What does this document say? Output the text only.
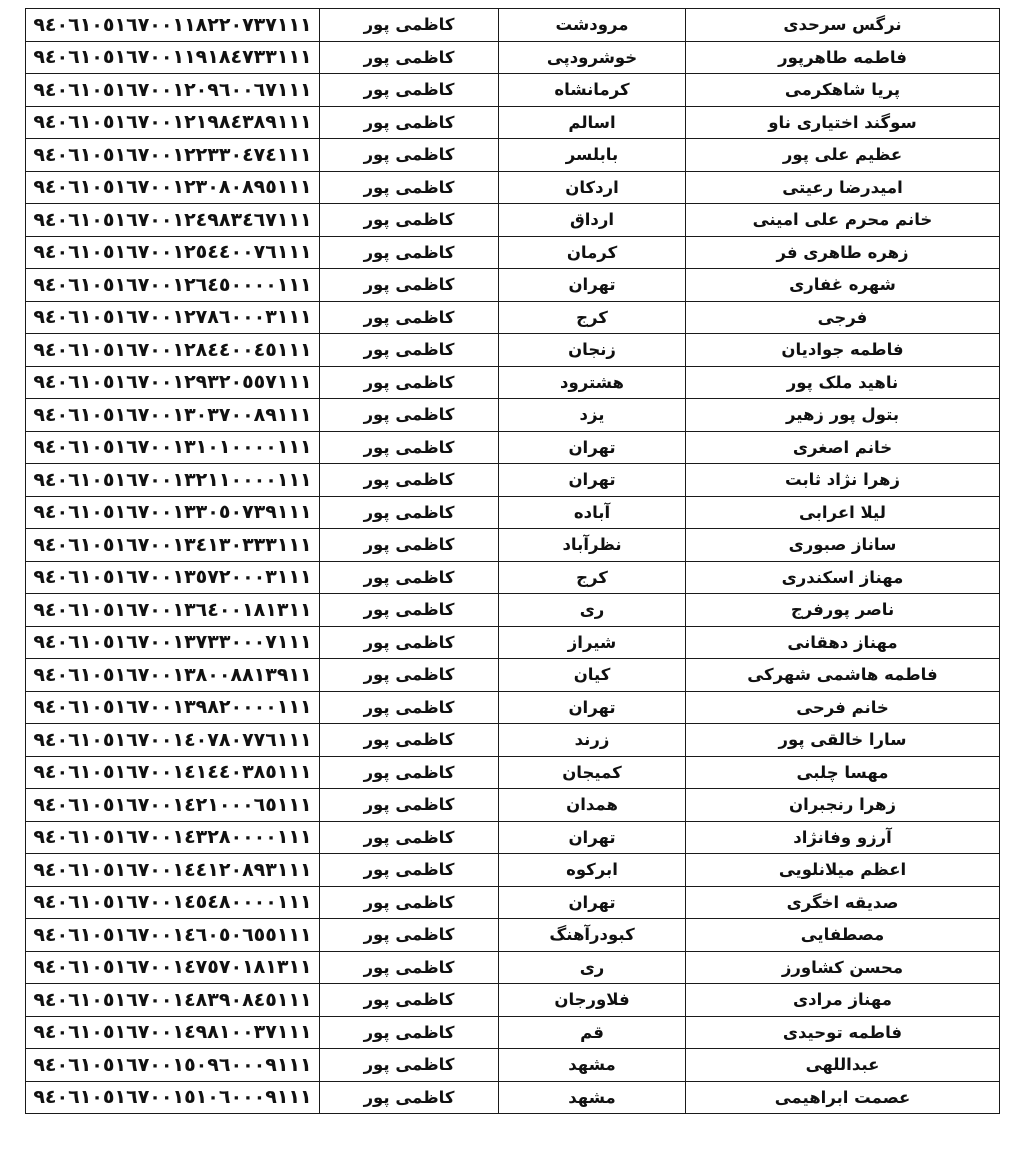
۹٤۰٦۱۰٥۱٦۷۰۰۱۱۸۲۲۰۷۳۷۱۱۱	کاظمی پور	مرودشت	نرگس سرحدی
۹٤۰٦۱۰٥۱٦۷۰۰۱۱۹۱۸٤۷۳۳۱۱۱	کاظمی پور	خوشرودپی	فاطمه طاهرپور
۹٤۰٦۱۰٥۱٦۷۰۰۱۲۰۹٦۰۰٦۷۱۱۱	کاظمی پور	کرمانشاه	پریا شاهکرمی
۹٤۰٦۱۰٥۱٦۷۰۰۱۲۱۹۸٤۳۸۹۱۱۱	کاظمی پور	اسالم	سوگند اختیاری ناو
۹٤۰٦۱۰٥۱٦۷۰۰۱۲۲۳۳۰٤۷٤۱۱۱	کاظمی پور	بابلسر	عظیم علی پور
۹٤۰٦۱۰٥۱٦۷۰۰۱۲۳۰۸۰۸۹٥۱۱۱	کاظمی پور	اردکان	امیدرضا رعیتی
۹٤۰٦۱۰٥۱٦۷۰۰۱۲٤۹۸۳٤٦۷۱۱۱	کاظمی پور	ارداق	خانم محرم علی امینی
۹٤۰٦۱۰٥۱٦۷۰۰۱۲٥٤٤۰۰۷٦۱۱۱	کاظمی پور	کرمان	زهره طاهری فر
۹٤۰٦۱۰٥۱٦۷۰۰۱۲٦٤٥۰۰۰۰۱۱۱	کاظمی پور	تهران	شهره غفاری
۹٤۰٦۱۰٥۱٦۷۰۰۱۲۷۸٦۰۰۰۳۱۱۱	کاظمی پور	کرج	فرجی
۹٤۰٦۱۰٥۱٦۷۰۰۱۲۸٤٤۰۰٤٥۱۱۱	کاظمی پور	زنجان	فاطمه جوادیان
۹٤۰٦۱۰٥۱٦۷۰۰۱۲۹۳۲۰٥٥۷۱۱۱	کاظمی پور	هشترود	ناهید ملک پور
۹٤۰٦۱۰٥۱٦۷۰۰۱۳۰۳۷۰۰۸۹۱۱۱	کاظمی پور	یزد	بتول پور زهیر
۹٤۰٦۱۰٥۱٦۷۰۰۱۳۱۰۱۰۰۰۰۱۱۱	کاظمی پور	تهران	خانم اصغری
۹٤۰٦۱۰٥۱٦۷۰۰۱۳۲۱۱۰۰۰۰۱۱۱	کاظمی پور	تهران	زهرا نژاد ثابت
۹٤۰٦۱۰٥۱٦۷۰۰۱۳۳۰٥۰۷۳۹۱۱۱	کاظمی پور	آباده	لیلا اعرابی
۹٤۰٦۱۰٥۱٦۷۰۰۱۳٤۱۳۰۳۳۳۱۱۱	کاظمی پور	نظرآباد	ساناز صبوری
۹٤۰٦۱۰٥۱٦۷۰۰۱۳٥۷۲۰۰۰۳۱۱۱	کاظمی پور	کرج	مهناز اسکندری
۹٤۰٦۱۰٥۱٦۷۰۰۱۳٦٤۰۰۱۸۱۳۱۱	کاظمی پور	ری	ناصر پورفرج
۹٤۰٦۱۰٥۱٦۷۰۰۱۳۷۳۳۰۰۰۷۱۱۱	کاظمی پور	شیراز	مهناز دهقانی
۹٤۰٦۱۰٥۱٦۷۰۰۱۳۸۰۰۸۸۱۳۹۱۱	کاظمی پور	کیان	فاطمه هاشمی شهرکی
۹٤۰٦۱۰٥۱٦۷۰۰۱۳۹۸۲۰۰۰۰۱۱۱	کاظمی پور	تهران	خانم فرحی
۹٤۰٦۱۰٥۱٦۷۰۰۱٤۰۷۸۰۷۷٦۱۱۱	کاظمی پور	زرند	سارا خالقی پور
۹٤۰٦۱۰٥۱٦۷۰۰۱٤۱٤٤۰۳۸٥۱۱۱	کاظمی پور	کمیجان	مهسا چلبی
۹٤۰٦۱۰٥۱٦۷۰۰۱٤۲۱۰۰۰٦٥۱۱۱	کاظمی پور	همدان	زهرا رنجبران
۹٤۰٦۱۰٥۱٦۷۰۰۱٤۳۲۸۰۰۰۰۱۱۱	کاظمی پور	تهران	آرزو وفانژاد
۹٤۰٦۱۰٥۱٦۷۰۰۱٤٤۱۲۰۸۹۳۱۱۱	کاظمی پور	ابرکوه	اعظم میلانلویی
۹٤۰٦۱۰٥۱٦۷۰۰۱٤٥٤۸۰۰۰۰۱۱۱	کاظمی پور	تهران	صدیقه اخگری
۹٤۰٦۱۰٥۱٦۷۰۰۱٤٦۰٥۰٦٥٥۱۱۱	کاظمی پور	کبودرآهنگ	مصطفایی
۹٤۰٦۱۰٥۱٦۷۰۰۱٤۷٥۷۰۱۸۱۳۱۱	کاظمی پور	ری	محسن کشاورز
۹٤۰٦۱۰٥۱٦۷۰۰۱٤۸۳۹۰۸٤٥۱۱۱	کاظمی پور	فلاورجان	مهناز مرادی
۹٤۰٦۱۰٥۱٦۷۰۰۱٤۹۸۱۰۰۳۷۱۱۱	کاظمی پور	قم	فاطمه توحیدی
۹٤۰٦۱۰٥۱٦۷۰۰۱٥۰۹٦۰۰۰۹۱۱۱	کاظمی پور	مشهد	عبداللهی
۹٤۰٦۱۰٥۱٦۷۰۰۱٥۱۰٦۰۰۰۹۱۱۱	کاظمی پور	مشهد	عصمت ابراهیمی
